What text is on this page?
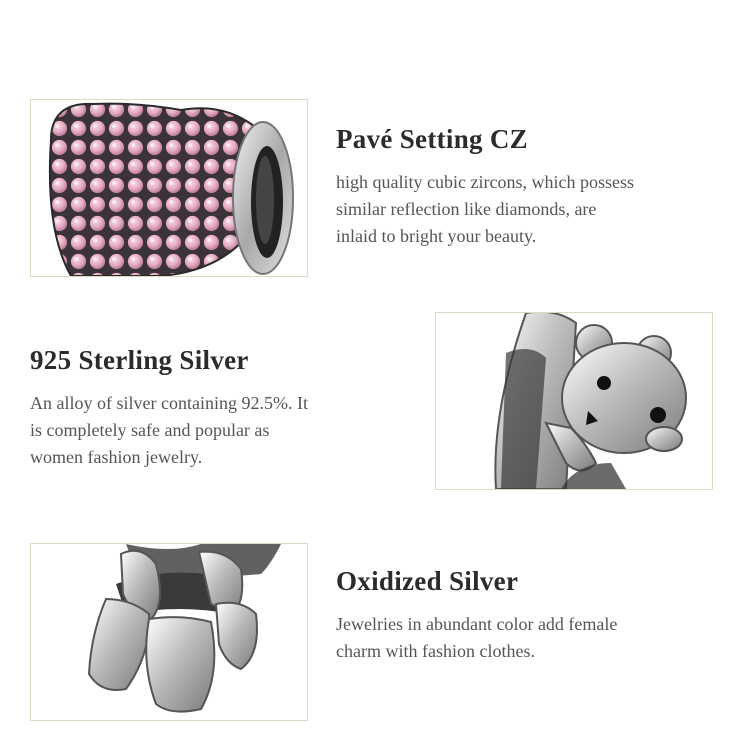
Pavé Setting CZ

high quality cubic zircons, which possess
similar reflection like diamonds, are
inlaid to bright your beauty.

925 Sterling Silver

An alloy of silver containing 92.5%. It
is completely safe and popular as
women fashion jewelry.

Oxidized Silver

Jewelries in abundant color add female
charm with fashion clothes.
